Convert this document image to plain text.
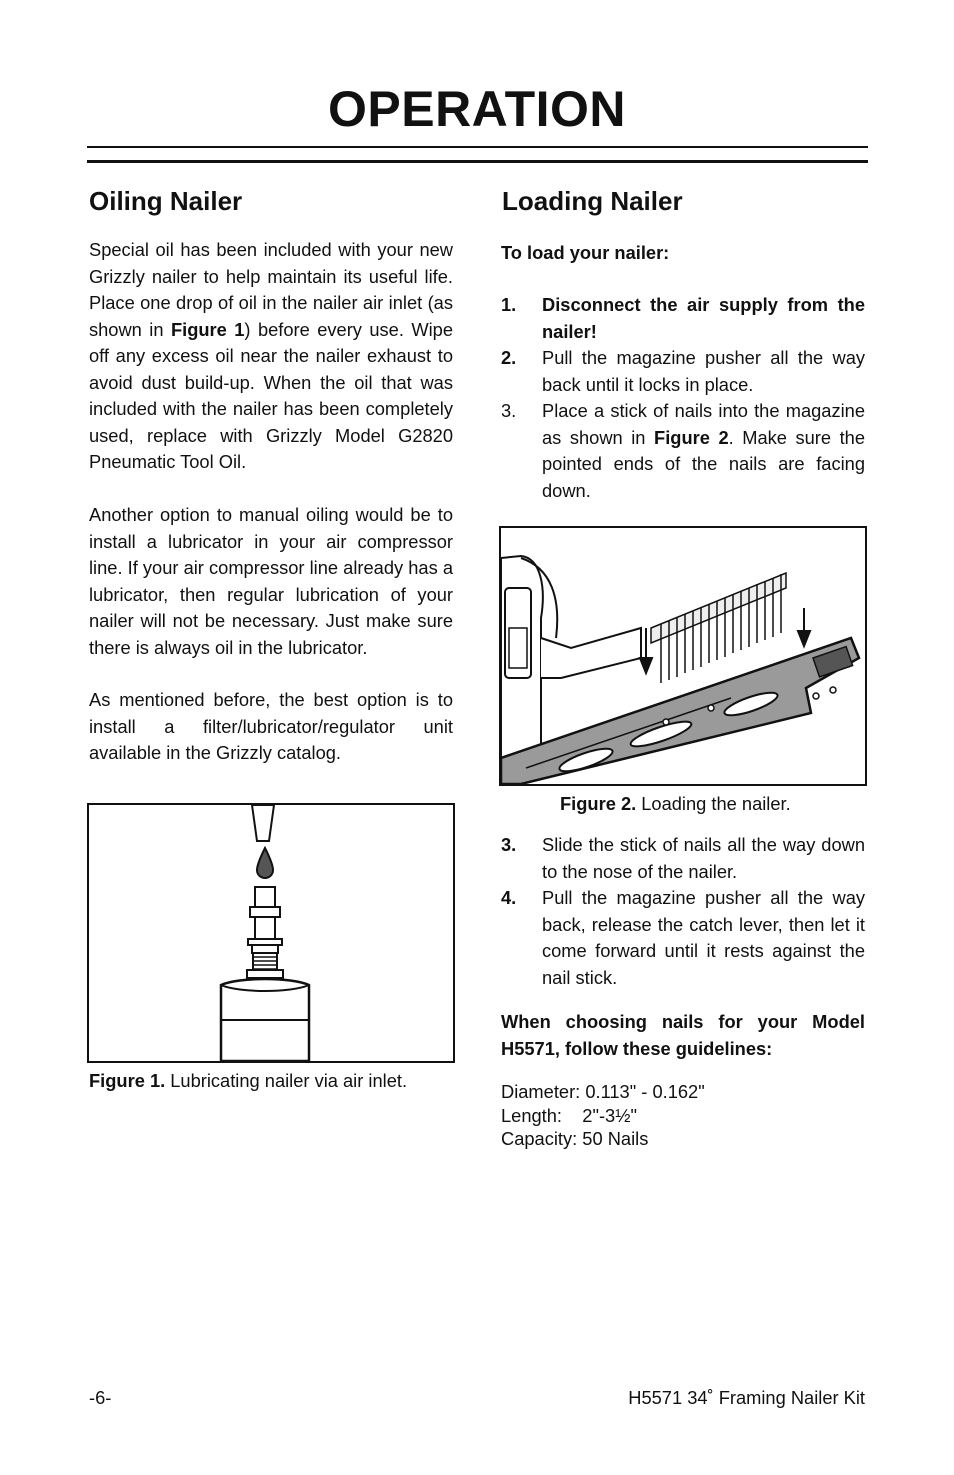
OPERATION
Oiling Nailer

Special oil has been included with your new Grizzly nailer to help maintain its useful life. Place one drop of oil in the nailer air inlet (as shown in Figure 1) before every use. Wipe off any excess oil near the nailer exhaust to avoid dust build-up. When the oil that was included with the nailer has been completely used, replace with Grizzly Model G2820 Pneumatic Tool Oil.

Another option to manual oiling would be to install a lubricator in your air compressor line. If your air compressor line already has a lubricator, then regular lubrication of your nailer will not be necessary. Just make sure there is always oil in the lubricator.

As mentioned before, the best option is to install a filter/lubricator/regulator unit available in the Grizzly catalog.

Figure 1. Lubricating nailer via air inlet.
Loading Nailer
To load your nailer:
1. Disconnect the air supply from the nailer!
2. Pull the magazine pusher all the way back until it locks in place.
3. Place a stick of nails into the magazine as shown in Figure 2. Make sure the pointed ends of the nails are facing down.
Figure 2. Loading the nailer.
3. Slide the stick of nails all the way down to the nose of the nailer.
4. Pull the magazine pusher all the way back, release the catch lever, then let it come forward until it rests against the nail stick.
When choosing nails for your Model H5571, follow these guidelines:
Diameter: 0.113" - 0.162"
Length:    2"-3½"
Capacity: 50 Nails
-6-	H5571 34˚ Framing Nailer Kit
